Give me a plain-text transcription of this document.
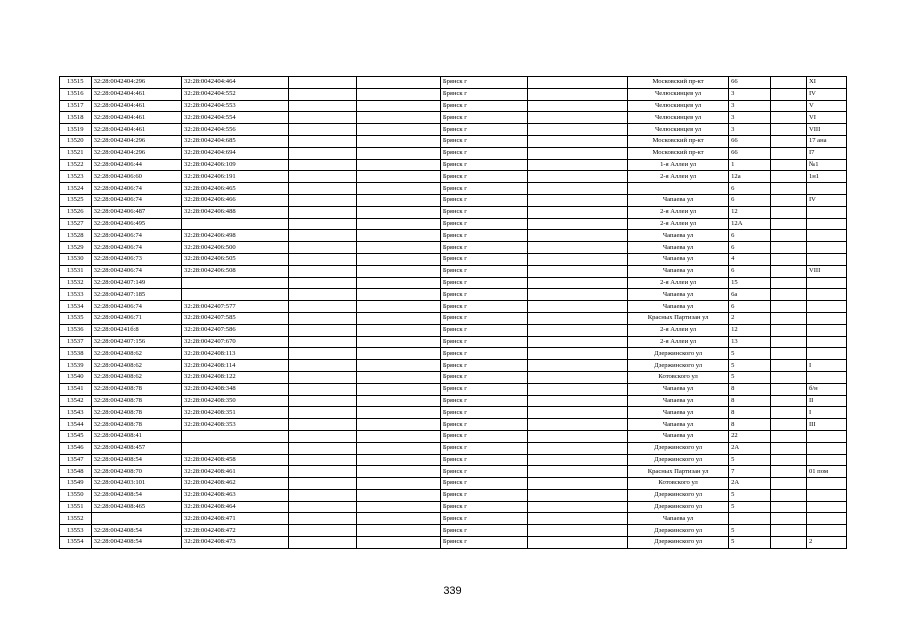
13515	32:28:0042404:296	32:28:0042404:464			Брянск г		Московский пр-кт	66		XI
13516	32:28:0042404:461	32:28:0042404:552			Брянск г		Челюскинцев ул	3		IV
13517	32:28:0042404:461	32:28:0042404:553			Брянск г		Челюскинцев ул	3		V
13518	32:28:0042404:461	32:28:0042404:554			Брянск г		Челюскинцев ул	3		VI
13519	32:28:0042404:461	32:28:0042404:556			Брянск г		Челюскинцев ул	3		VIII
13520	32:28:0042404:296	32:28:0042404:685			Брянск г		Московский пр-кт	66		17 ана
13521	32:28:0042404:296	32:28:0042404:694			Брянск г		Московский пр-кт	66		I7
13522	32:28:0042406:44	32:28:0042406:109			Брянск г		1-я Аллеи ул	1		№1
13523	32:28:0042406:60	32:28:0042406:191			Брянск г		2-я Аллеи ул	12а		1н1
13524	32:28:0042406:74	32:28:0042406:465			Брянск г			6		
13525	32:28:0042406:74	32:28:0042406:466			Брянск г		Чапаева ул	6		IV
13526	32:28:0042406:487	32:28:0042406:488			Брянск г		2-я Аллеи ул	12		
13527	32:28:0042406:495				Брянск г		2-я Аллеи ул	12А		
13528	32:28:0042406:74	32:28:0042406:498			Брянск г		Чапаева ул	6		
13529	32:28:0042406:74	32:28:0042406:500			Брянск г		Чапаева ул	6		
13530	32:28:0042406:73	32:28:0042406:505			Брянск г		Чапаева ул	4		
13531	32:28:0042406:74	32:28:0042406:508			Брянск г		Чапаева ул	6		VIII
13532	32:28:0042407:149				Брянск г		2-я Аллеи ул	15		
13533	32:28:0042407:185				Брянск г		Чапаева ул	6а		
13534	32:28:0042406:74	32:28:0042407:577			Брянск г		Чапаева ул	6		
13535	32:28:0042406:71	32:28:0042407:585			Брянск г		Красных Партизан ул	2		
13536	32:28:004241б:8	32:28:0042407:586			Брянск г		2-я Аллеи ул	12		
13537	32:28:0042407:156	32:28:0042407:670			Брянск г		2-я Аллеи ул	13		
13538	32:28:0042408:62	32:28:0042408:113			Брянск г		Дзержинского ул	5		
13539	32:28:0042408:62	32:28:0042408:114			Брянск г		Дзержинского ул	5		I
13540	32:28:0042408:62	32:28:0042408:122			Брянск г		Котовского ул	5		
13541	32:28:0042408:78	32:28:0042408:348			Брянск г		Чапаева ул	8		б/н
13542	32:28:0042408:78	32:28:0042408:350			Брянск г		Чапаева ул	8		II
13543	32:28:0042408:78	32:28:0042408:351			Брянск г		Чапаева ул	8		I
13544	32:28:0042408:78	32:28:0042408:353			Брянск г		Чапаева ул	8		III
13545	32:28:0042408:41				Брянск г		Чапаева ул	22		
13546	32:28:0042408:457				Брянск г		Дзержинского ул	2А		
13547	32:28:0042408:54	32:28:0042408:458			Брянск г		Дзержинского ул	5		
13548	32:28:0042408:70	32:28:0042408:461			Брянск г		Красных Партизан ул	7		01 пом
13549	32:28:0042403:101	32:28:0042408:462			Брянск г		Котовского ул	2А		
13550	32:28:0042408:54	32:28:0042408:463			Брянск г		Дзержинского ул	5		
13551	32:28:0042408:465	32:28:0042408:464			Брянск г		Дзержинского ул	5		
13552		32:28:0042408:471			Брянск г		Чапаева ул			
13553	32:28:0042408:54	32:28:0042408:472			Брянск г		Дзержинского ул	5		
13554	32:28:0042408:54	32:28:0042408:473			Брянск г		Дзержинского ул	5		2
339
